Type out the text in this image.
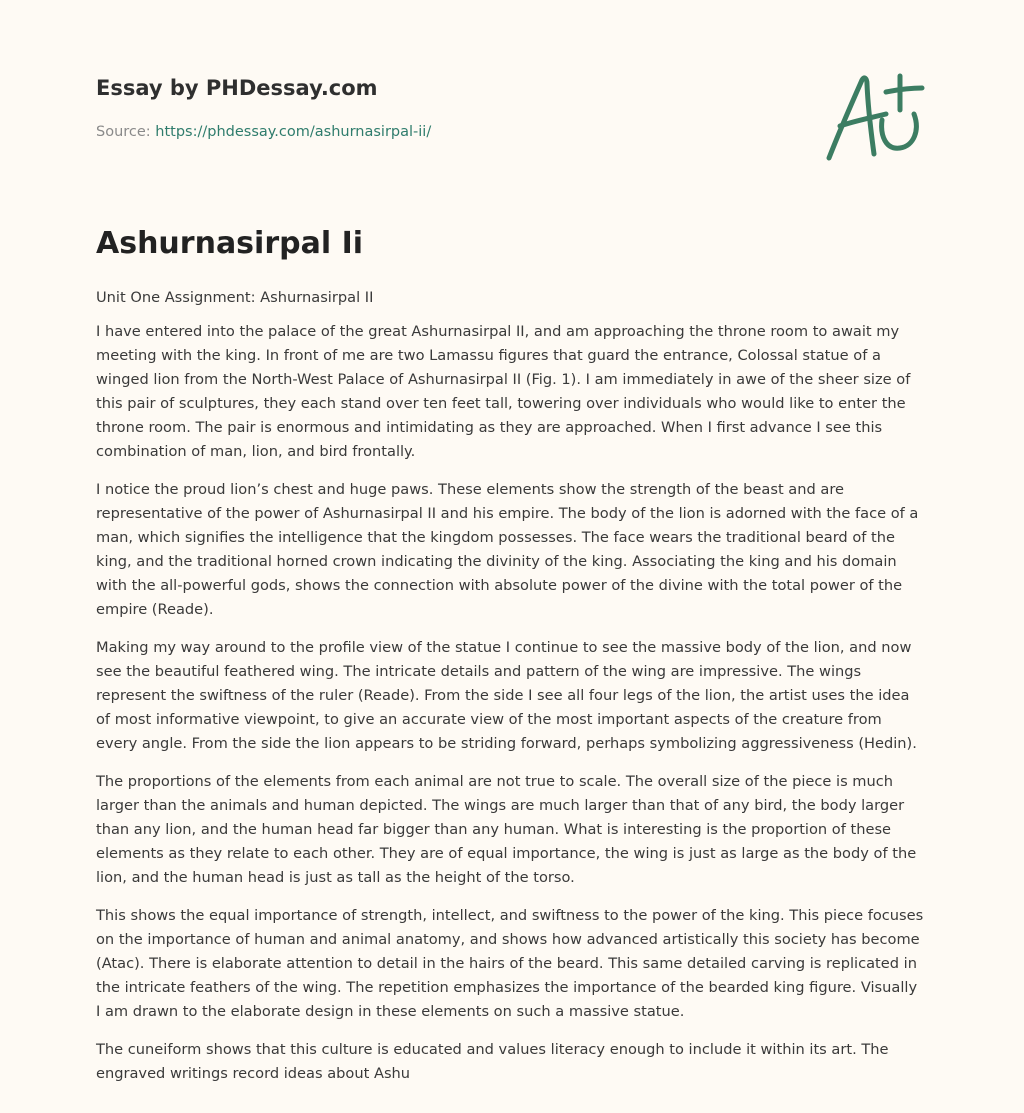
Essay by PHDessay.com
Source: https://phdessay.com/ashurnasirpal-ii/
Ashurnasirpal Ii

Unit One Assignment: Ashurnasirpal II

I have entered into the palace of the great Ashurnasirpal II, and am approaching the throne room to await my meeting with the king. In front of me are two Lamassu figures that guard the entrance, Colossal statue of a winged lion from the North-West Palace of Ashurnasirpal II (Fig. 1). I am immediately in awe of the sheer size of this pair of sculptures, they each stand over ten feet tall, towering over individuals who would like to enter the throne room. The pair is enormous and intimidating as they are approached. When I first advance I see this combination of man, lion, and bird frontally.

I notice the proud lion’s chest and huge paws. These elements show the strength of the beast and are representative of the power of Ashurnasirpal II and his empire. The body of the lion is adorned with the face of a man, which signifies the intelligence that the kingdom possesses. The face wears the traditional beard of the king, and the traditional horned crown indicating the divinity of the king. Associating the king and his domain with the all-powerful gods, shows the connection with absolute power of the divine with the total power of the empire (Reade).

Making my way around to the profile view of the statue I continue to see the massive body of the lion, and now see the beautiful feathered wing. The intricate details and pattern of the wing are impressive. The wings represent the swiftness of the ruler (Reade). From the side I see all four legs of the lion, the artist uses the idea of most informative viewpoint, to give an accurate view of the most important aspects of the creature from every angle. From the side the lion appears to be striding forward, perhaps symbolizing aggressiveness (Hedin).

The proportions of the elements from each animal are not true to scale. The overall size of the piece is much larger than the animals and human depicted. The wings are much larger than that of any bird, the body larger than any lion, and the human head far bigger than any human. What is interesting is the proportion of these elements as they relate to each other. They are of equal importance, the wing is just as large as the body of the lion, and the human head is just as tall as the height of the torso.

This shows the equal importance of strength, intellect, and swiftness to the power of the king. This piece focuses on the importance of human and animal anatomy, and shows how advanced artistically this society has become (Atac). There is elaborate attention to detail in the hairs of the beard. This same detailed carving is replicated in the intricate feathers of the wing. The repetition emphasizes the importance of the bearded king figure. Visually I am drawn to the elaborate design in these elements on such a massive statue.

The cuneiform shows that this culture is educated and values literacy enough to include it within its art. The engraved writings record ideas about Ashu
